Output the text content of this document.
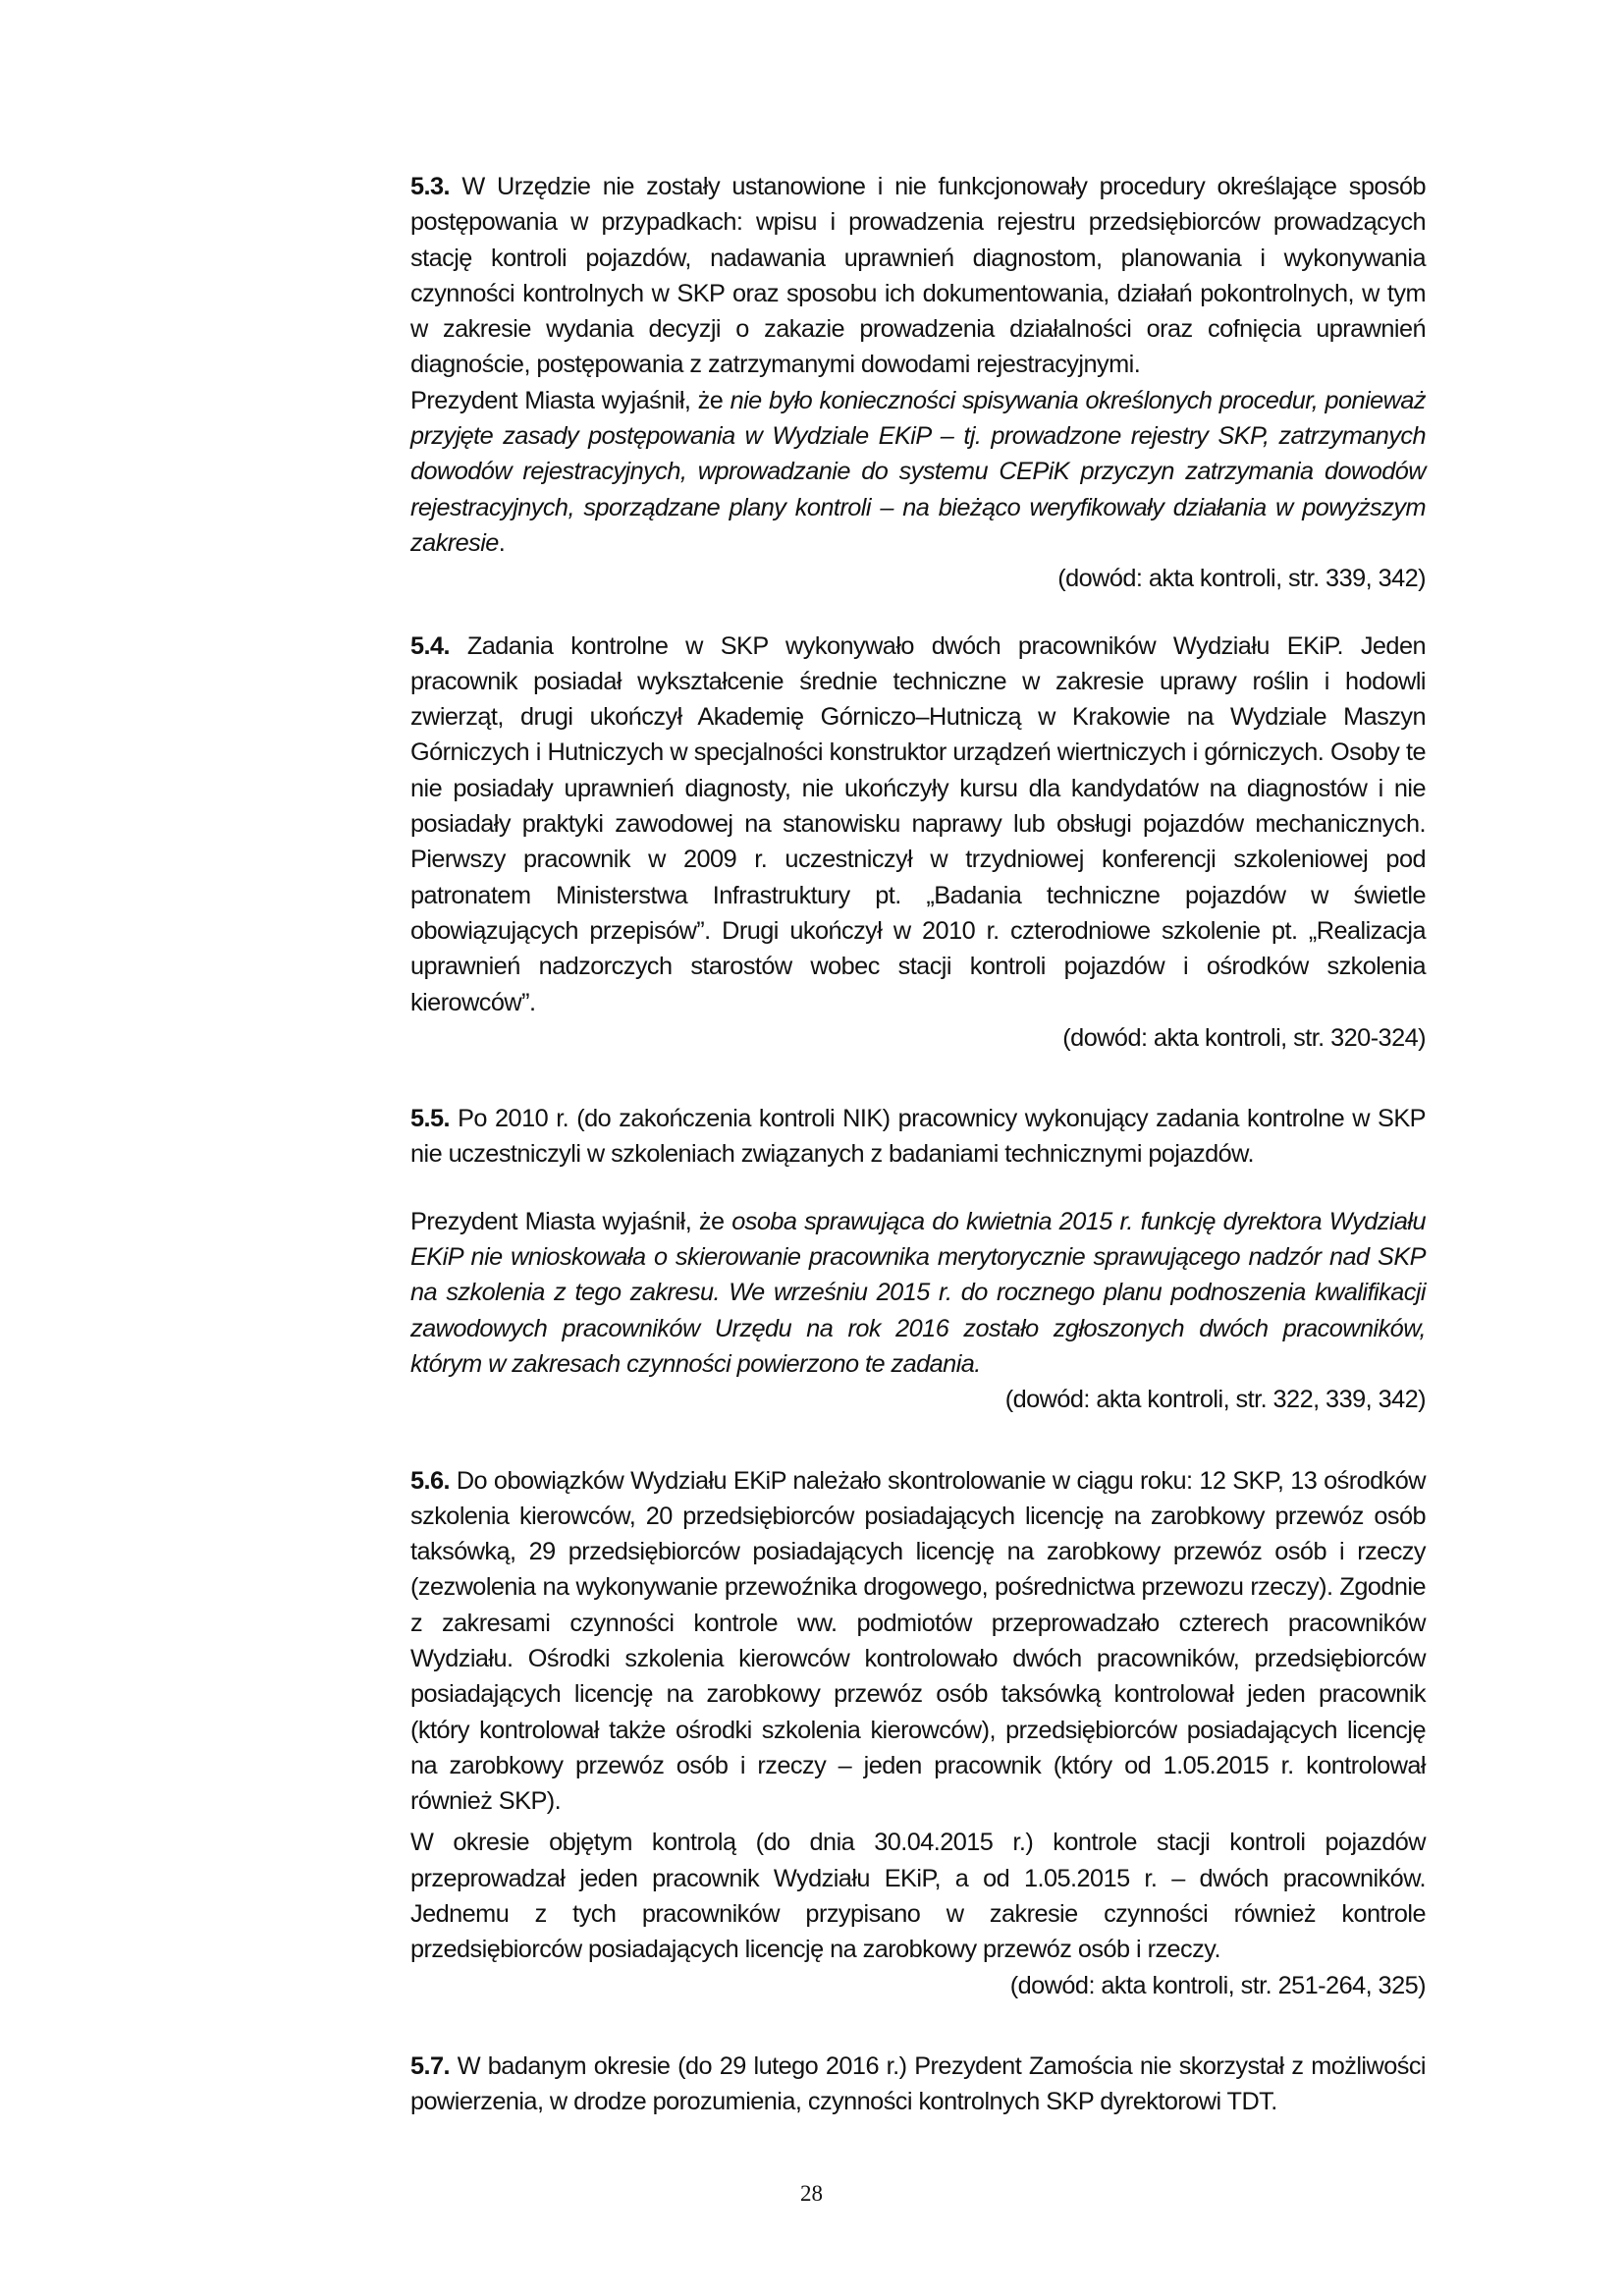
5.3. W Urzędzie nie zostały ustanowione i nie funkcjonowały procedury określające sposób postępowania w przypadkach: wpisu i prowadzenia rejestru przedsiębiorców prowadzących stację kontroli pojazdów, nadawania uprawnień diagnostom, planowania i wykonywania czynności kontrolnych w SKP oraz sposobu ich dokumentowania, działań pokontrolnych, w tym w zakresie wydania decyzji o zakazie prowadzenia działalności oraz cofnięcia uprawnień diagnoście, postępowania z zatrzymanymi dowodami rejestracyjnymi.

Prezydent Miasta wyjaśnił, że nie było konieczności spisywania określonych procedur, ponieważ przyjęte zasady postępowania w Wydziale EKiP – tj. prowadzone rejestry SKP, zatrzymanych dowodów rejestracyjnych, wprowadzanie do systemu CEPiK przyczyn zatrzymania dowodów rejestracyjnych, sporządzane plany kontroli – na bieżąco weryfikowały działania w powyższym zakresie.

(dowód: akta kontroli, str. 339, 342)

5.4. Zadania kontrolne w SKP wykonywało dwóch pracowników Wydziału EKiP. Jeden pracownik posiadał wykształcenie średnie techniczne w zakresie uprawy roślin i hodowli zwierząt, drugi ukończył Akademię Górniczo–Hutniczą w Krakowie na Wydziale Maszyn Górniczych i Hutniczych w specjalności konstruktor urządzeń wiertniczych i górniczych. Osoby te nie posiadały uprawnień diagnosty, nie ukończyły kursu dla kandydatów na diagnostów i nie posiadały praktyki zawodowej na stanowisku naprawy lub obsługi pojazdów mechanicznych. Pierwszy pracownik w 2009 r. uczestniczył w trzydniowej konferencji szkoleniowej pod patronatem Ministerstwa Infrastruktury pt. „Badania techniczne pojazdów w świetle obowiązujących przepisów”. Drugi ukończył w 2010 r. czterodniowe szkolenie pt. „Realizacja uprawnień nadzorczych starostów wobec stacji kontroli pojazdów i ośrodków szkolenia kierowców”.

(dowód: akta kontroli, str. 320-324)

5.5. Po 2010 r. (do zakończenia kontroli NIK) pracownicy wykonujący zadania kontrolne w SKP nie uczestniczyli w szkoleniach związanych z badaniami technicznymi pojazdów.

Prezydent Miasta wyjaśnił, że osoba sprawująca do kwietnia 2015 r. funkcję dyrektora Wydziału EKiP nie wnioskowała o skierowanie pracownika merytorycznie sprawującego nadzór nad SKP na szkolenia z tego zakresu. We wrześniu 2015 r. do rocznego planu podnoszenia kwalifikacji zawodowych pracowników Urzędu na rok 2016 zostało zgłoszonych dwóch pracowników, którym w zakresach czynności powierzono te zadania.

(dowód: akta kontroli, str. 322, 339, 342)

5.6. Do obowiązków Wydziału EKiP należało skontrolowanie w ciągu roku: 12 SKP, 13 ośrodków szkolenia kierowców, 20 przedsiębiorców posiadających licencję na zarobkowy przewóz osób taksówką, 29 przedsiębiorców posiadających licencję na zarobkowy przewóz osób i rzeczy (zezwolenia na wykonywanie przewoźnika drogowego, pośrednictwa przewozu rzeczy). Zgodnie z zakresami czynności kontrole ww. podmiotów przeprowadzało czterech pracowników Wydziału. Ośrodki szkolenia kierowców kontrolowało dwóch pracowników, przedsiębiorców posiadających licencję na zarobkowy przewóz osób taksówką kontrolował jeden pracownik (który kontrolował także ośrodki szkolenia kierowców), przedsiębiorców posiadających licencję na zarobkowy przewóz osób i rzeczy – jeden pracownik (który od 1.05.2015 r. kontrolował również SKP).

W okresie objętym kontrolą (do dnia 30.04.2015 r.) kontrole stacji kontroli pojazdów przeprowadzał jeden pracownik Wydziału EKiP, a od 1.05.2015 r. – dwóch pracowników. Jednemu z tych pracowników przypisano w zakresie czynności również kontrole przedsiębiorców posiadających licencję na zarobkowy przewóz osób i rzeczy.

(dowód: akta kontroli, str. 251-264, 325)

5.7. W badanym okresie (do 29 lutego 2016 r.) Prezydent Zamościa nie skorzystał z możliwości powierzenia, w drodze porozumienia, czynności kontrolnych SKP dyrektorowi TDT.

28
